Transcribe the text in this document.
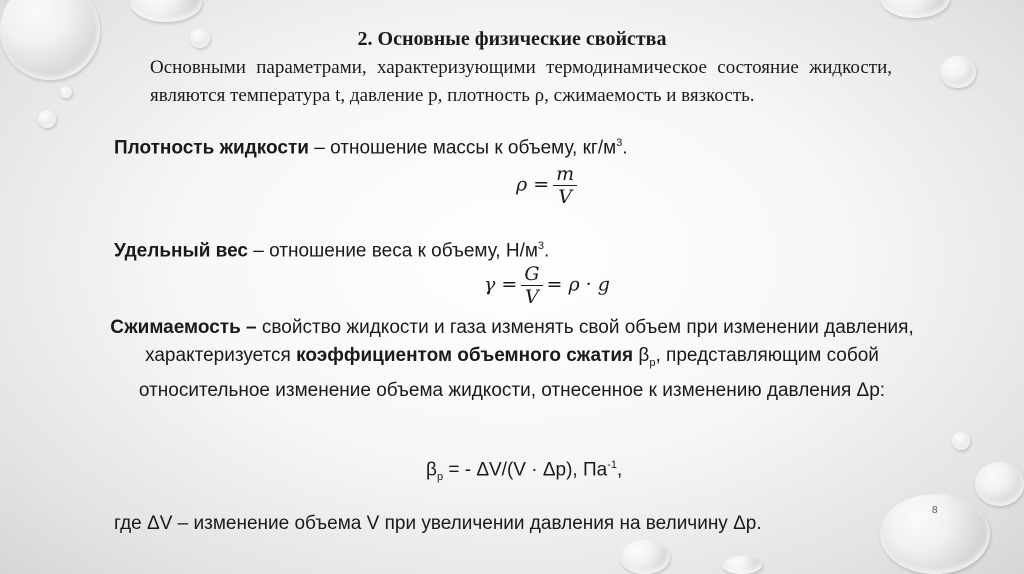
2. Основные физические свойства
Основными параметрами, характеризующими термодинамическое состояние жидкости, являются температура t, давление p, плотность ρ, сжимаемость и вязкость.
Плотность жидкости – отношение массы к объему, $кг/м^3$.
$\rho = \frac{m}{V}$
Удельный вес – отношение веса к объему, $Н/м^3$.
$\gamma = \frac{G}{V} = \rho \cdot g$
Сжимаемость – свойство жидкости и газа изменять свой объем при изменении давления, характеризуется коэффициентом объемного сжатия $\beta_p$, представляющим собой относительное изменение объема жидкости, отнесенное к изменению давления Δр:
$\beta_p$ = - ΔV/(V · Δp), $Па^{-1}$,
где ΔV – изменение объема V при увеличении давления на величину Δр.
8
